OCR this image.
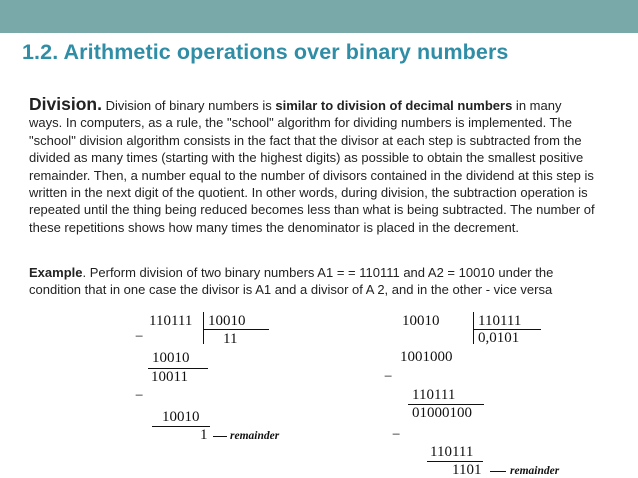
1.2. Arithmetic operations over binary numbers
Division. Division of binary numbers is similar to division of decimal numbers in many ways. In computers, as a rule, the "school" algorithm for dividing numbers is implemented. The "school" division algorithm consists in the fact that the divisor at each step is subtracted from the divided as many times (starting with the highest digits) as possible to obtain the smallest positive remainder. Then, a number equal to the number of divisors contained in the dividend at this step is written in the next digit of the quotient. In other words, during division, the subtraction operation is repeated until the thing being reduced becomes less than what is being subtracted. The number of these repetitions shows how many times the denominator is placed in the decrement.
Example. Perform division of two binary numbers A1 = = 110111 and A2 = 10010 under the condition that in one case the divisor is A1 and a divisor of A 2, and in the other - vice versa
110111 10010
11
−
10010
10011
−
10010
1 remainder
10010	110111
0,0101
1001000
−
110111
01000100
−
110111
1101 remainder
